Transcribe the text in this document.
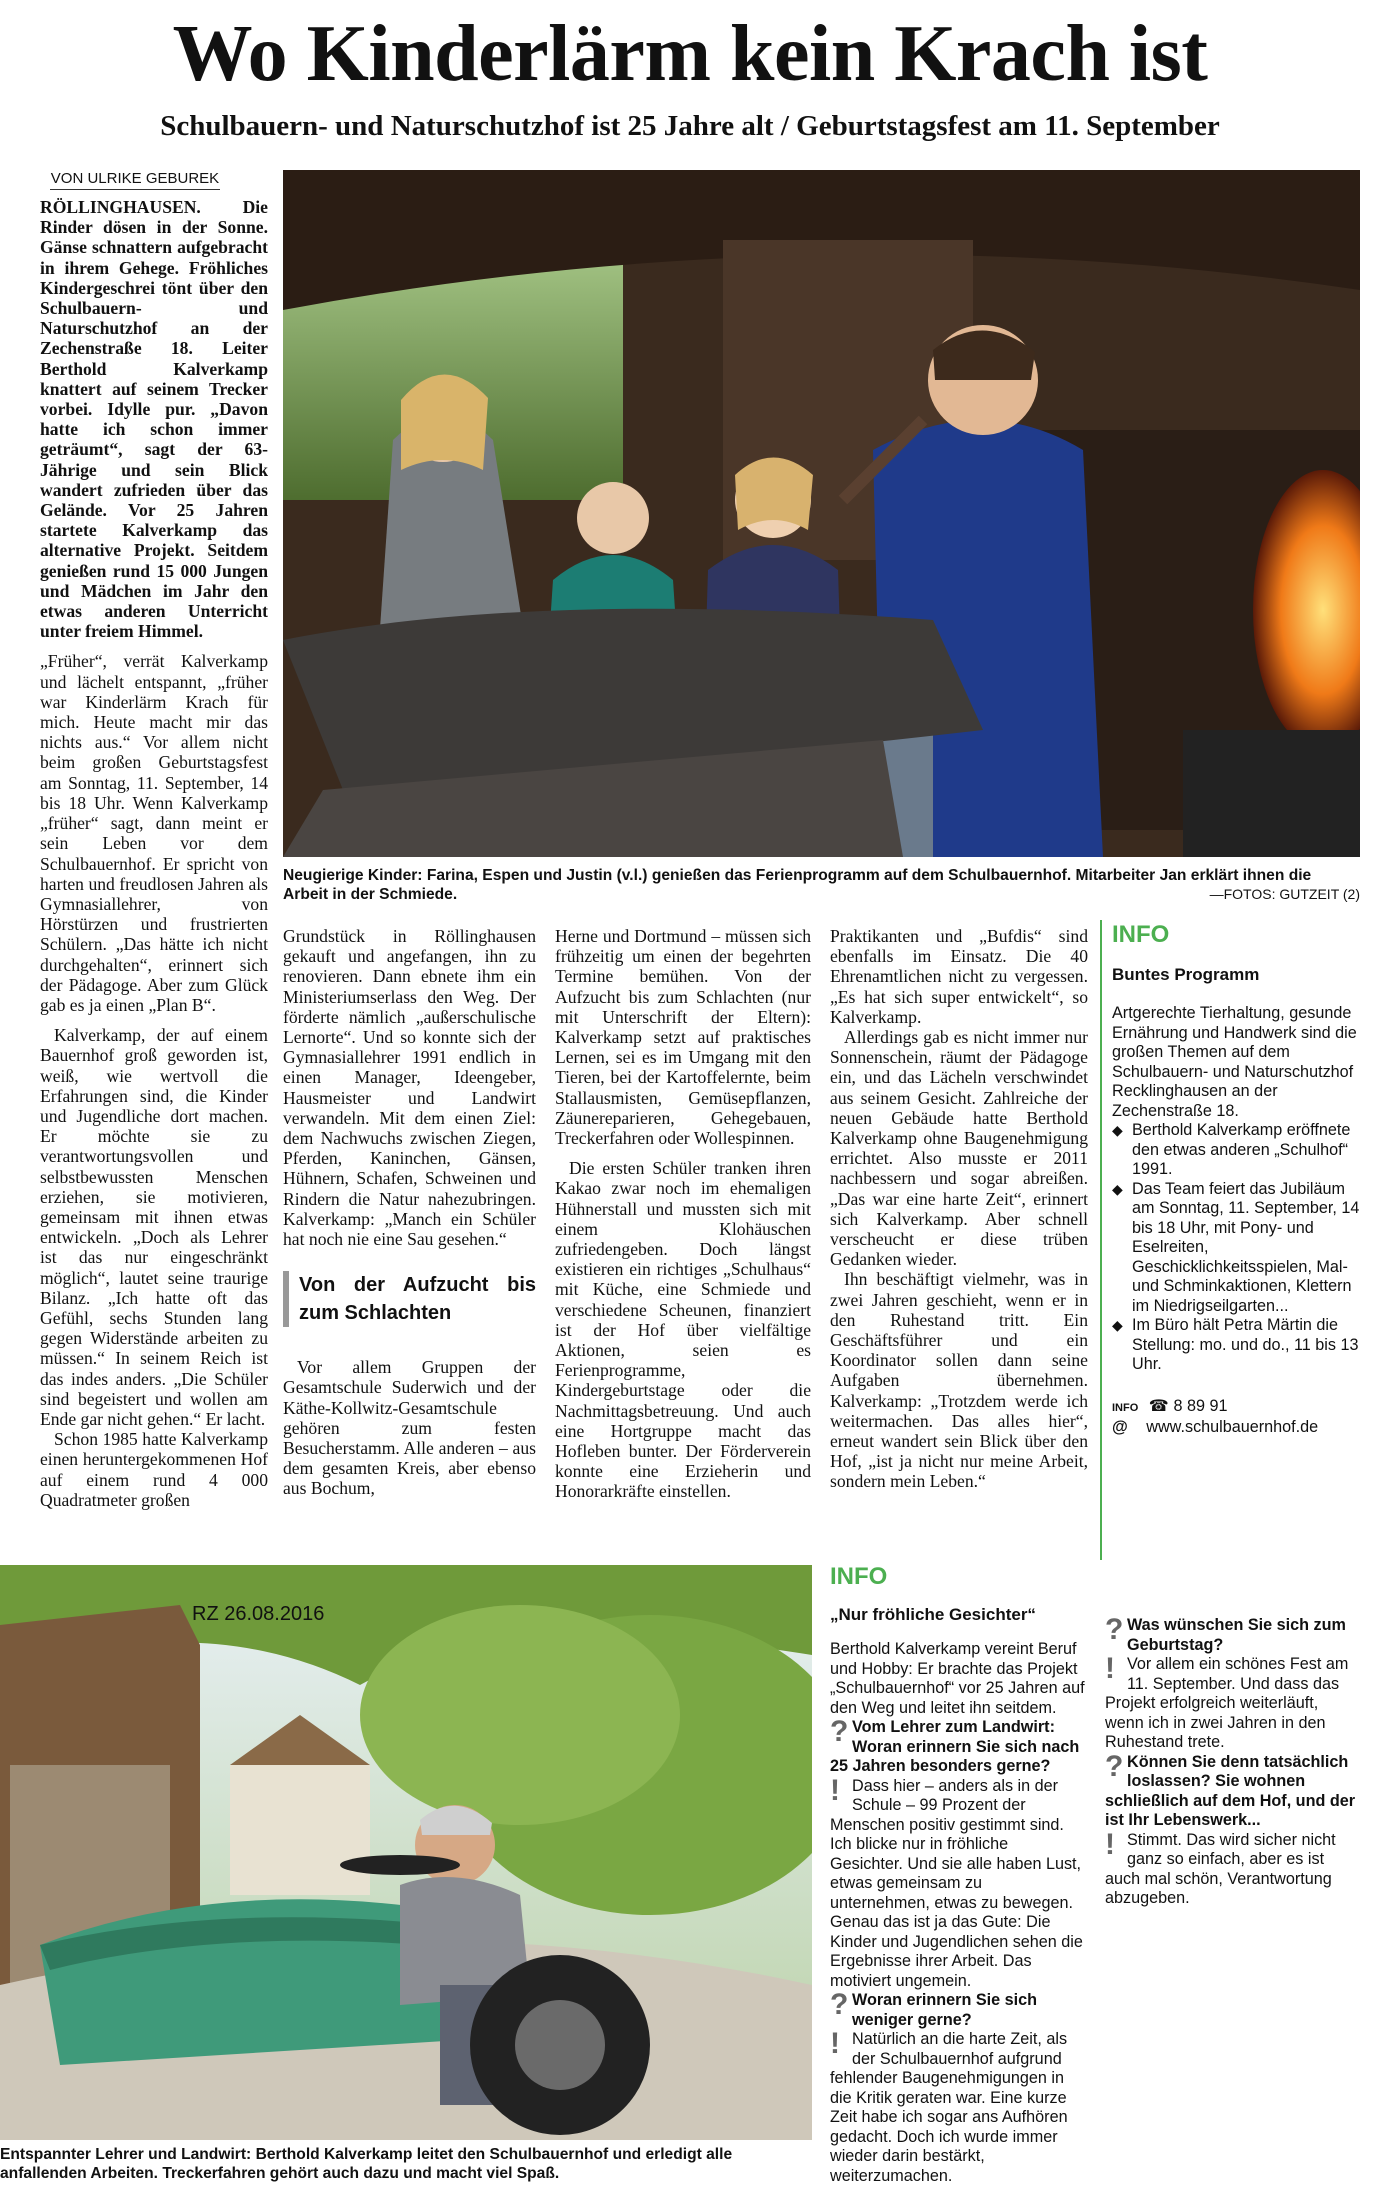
Wo Kinderlärm kein Krach ist
Schulbauern- und Naturschutzhof ist 25 Jahre alt / Geburtstagsfest am 11. September
VON ULRIKE GEBUREK

RÖLLINGHAUSEN. Die Rinder dösen in der Sonne. Gänse schnattern aufgebracht in ihrem Gehege. Fröhliches Kindergeschrei tönt über den Schulbauern- und Naturschutzhof an der Zechenstraße 18. Leiter Berthold Kalverkamp knattert auf seinem Trecker vorbei. Idylle pur. „Davon hatte ich schon immer geträumt“, sagt der 63-Jährige und sein Blick wandert zufrieden über das Gelände. Vor 25 Jahren startete Kalverkamp das alternative Projekt. Seitdem genießen rund 15 000 Jungen und Mädchen im Jahr den etwas anderen Unterricht unter freiem Himmel.

„Früher“, verrät Kalverkamp und lächelt entspannt, „früher war Kinderlärm Krach für mich. Heute macht mir das nichts aus.“ Vor allem nicht beim großen Geburtstagsfest am Sonntag, 11. September, 14 bis 18 Uhr. Wenn Kalverkamp „früher“ sagt, dann meint er sein Leben vor dem Schulbauernhof. Er spricht von harten und freudlosen Jahren als Gymnasiallehrer, von Hörstürzen und frustrierten Schülern. „Das hätte ich nicht durchgehalten“, erinnert sich der Pädagoge. Aber zum Glück gab es ja einen „Plan B“.

Kalverkamp, der auf einem Bauernhof groß geworden ist, weiß, wie wertvoll die Erfahrungen sind, die Kinder und Jugendliche dort machen. Er möchte sie zu verantwortungsvollen und selbstbewussten Menschen erziehen, sie motivieren, gemeinsam mit ihnen etwas entwickeln. „Doch als Lehrer ist das nur eingeschränkt möglich“, lautet seine traurige Bilanz. „Ich hatte oft das Gefühl, sechs Stunden lang gegen Widerstände arbeiten zu müssen.“ In seinem Reich ist das indes anders. „Die Schüler sind begeistert und wollen am Ende gar nicht gehen.“ Er lacht.

Schon 1985 hatte Kalverkamp einen heruntergekommenen Hof auf einem rund 4 000 Quadratmeter großen

Neugierige Kinder: Farina, Espen und Justin (v.l.) genießen das Ferienprogramm auf dem Schulbauernhof. Mitarbeiter Jan erklärt ihnen die Arbeit in der Schmiede.	—FOTOS: GUTZEIT (2)

Grundstück in Röllinghausen gekauft und angefangen, ihn zu renovieren. Dann ebnete ihm ein Ministeriumserlass den Weg. Der förderte nämlich „außerschulische Lernorte“. Und so konnte sich der Gymnasiallehrer 1991 endlich in einen Manager, Ideengeber, Hausmeister und Landwirt verwandeln. Mit dem einen Ziel: dem Nachwuchs zwischen Ziegen, Pferden, Kaninchen, Gänsen, Hühnern, Schafen, Schweinen und Rindern die Natur nahezubringen. Kalverkamp: „Manch ein Schüler hat noch nie eine Sau gesehen.“

Von der Aufzucht bis zum Schlachten

Vor allem Gruppen der Gesamtschule Suderwich und der Käthe-Kollwitz-Gesamtschule gehören zum festen Besucherstamm. Alle anderen – aus dem gesamten Kreis, aber ebenso aus Bochum,

Herne und Dortmund – müssen sich frühzeitig um einen der begehrten Termine bemühen. Von der Aufzucht bis zum Schlachten (nur mit Unterschrift der Eltern): Kalverkamp setzt auf praktisches Lernen, sei es im Umgang mit den Tieren, bei der Kartoffelernte, beim Stallausmisten, Gemüsepflanzen, Zäunereparieren, Gehegebauen, Treckerfahren oder Wollespinnen.

Die ersten Schüler tranken ihren Kakao zwar noch im ehemaligen Hühnerstall und mussten sich mit einem Klohäuschen zufriedengeben. Doch längst existieren ein richtiges „Schulhaus“ mit Küche, eine Schmiede und verschiedene Scheunen, finanziert ist der Hof über vielfältige Aktionen, seien es Ferienprogramme, Kindergeburtstage oder die Nachmittagsbetreuung. Und auch eine Hortgruppe macht das Hofleben bunter. Der Förderverein konnte eine Erzieherin und Honorarkräfte einstellen.

Praktikanten und „Bufdis“ sind ebenfalls im Einsatz. Die 40 Ehrenamtlichen nicht zu vergessen. „Es hat sich super entwickelt“, so Kalverkamp.

Allerdings gab es nicht immer nur Sonnenschein, räumt der Pädagoge ein, und das Lächeln verschwindet aus seinem Gesicht. Zahlreiche der neuen Gebäude hatte Berthold Kalverkamp ohne Baugenehmigung errichtet. Also musste er 2011 nachbessern und sogar abreißen. „Das war eine harte Zeit“, erinnert sich Kalverkamp. Aber schnell verscheucht er diese trüben Gedanken wieder.

Ihn beschäftigt vielmehr, was in zwei Jahren geschieht, wenn er in den Ruhestand tritt. Ein Geschäftsführer und ein Koordinator sollen dann seine Aufgaben übernehmen. Kalverkamp: „Trotzdem werde ich weitermachen. Das alles hier“, erneut wandert sein Blick über den Hof, „ist ja nicht nur meine Arbeit, sondern mein Leben.“

INFO
Buntes Programm
Artgerechte Tierhaltung, gesunde Ernährung und Handwerk sind die großen Themen auf dem Schulbauern- und Naturschutzhof Recklinghausen an der Zechenstraße 18.
◆ Berthold Kalverkamp eröffnete den etwas anderen „Schulhof“ 1991.
◆ Das Team feiert das Jubiläum am Sonntag, 11. September, 14 bis 18 Uhr, mit Pony- und Eselreiten, Geschicklichkeitsspielen, Mal- und Schminkaktionen, Klettern im Niedrigseilgarten...
◆ Im Büro hält Petra Märtin die Stellung: mo. und do., 11 bis 13 Uhr.
INFO ☎ 8 89 91
@ www.schulbauernhof.de
RZ 26.08.2016
Entspannter Lehrer und Landwirt: Berthold Kalverkamp leitet den Schulbauernhof und erledigt alle anfallenden Arbeiten. Treckerfahren gehört auch dazu und macht viel Spaß.
INFO
„Nur fröhliche Gesichter“
Berthold Kalverkamp vereint Beruf und Hobby: Er brachte das Projekt „Schulbauernhof“ vor 25 Jahren auf den Weg und leitet ihn seitdem.
? Vom Lehrer zum Landwirt: Woran erinnern Sie sich nach 25 Jahren besonders gerne?
! Dass hier – anders als in der Schule – 99 Prozent der Menschen positiv gestimmt sind. Ich blicke nur in fröhliche Gesichter. Und sie alle haben Lust, etwas gemeinsam zu unternehmen, etwas zu bewegen. Genau das ist ja das Gute: Die Kinder und Jugendlichen sehen die Ergebnisse ihrer Arbeit. Das motiviert ungemein.
? Woran erinnern Sie sich weniger gerne?
! Natürlich an die harte Zeit, als der Schulbauernhof aufgrund fehlender Baugenehmigungen in die Kritik geraten war. Eine kurze Zeit habe ich sogar ans Aufhören gedacht. Doch ich wurde immer wieder darin bestärkt, weiterzumachen.
? Was wünschen Sie sich zum Geburtstag?
! Vor allem ein schönes Fest am 11. September. Und dass das Projekt erfolgreich weiterläuft, wenn ich in zwei Jahren in den Ruhestand trete.
? Können Sie denn tatsächlich loslassen? Sie wohnen schließlich auf dem Hof, und der ist Ihr Lebenswerk...
! Stimmt. Das wird sicher nicht ganz so einfach, aber es ist auch mal schön, Verantwortung abzugeben.
